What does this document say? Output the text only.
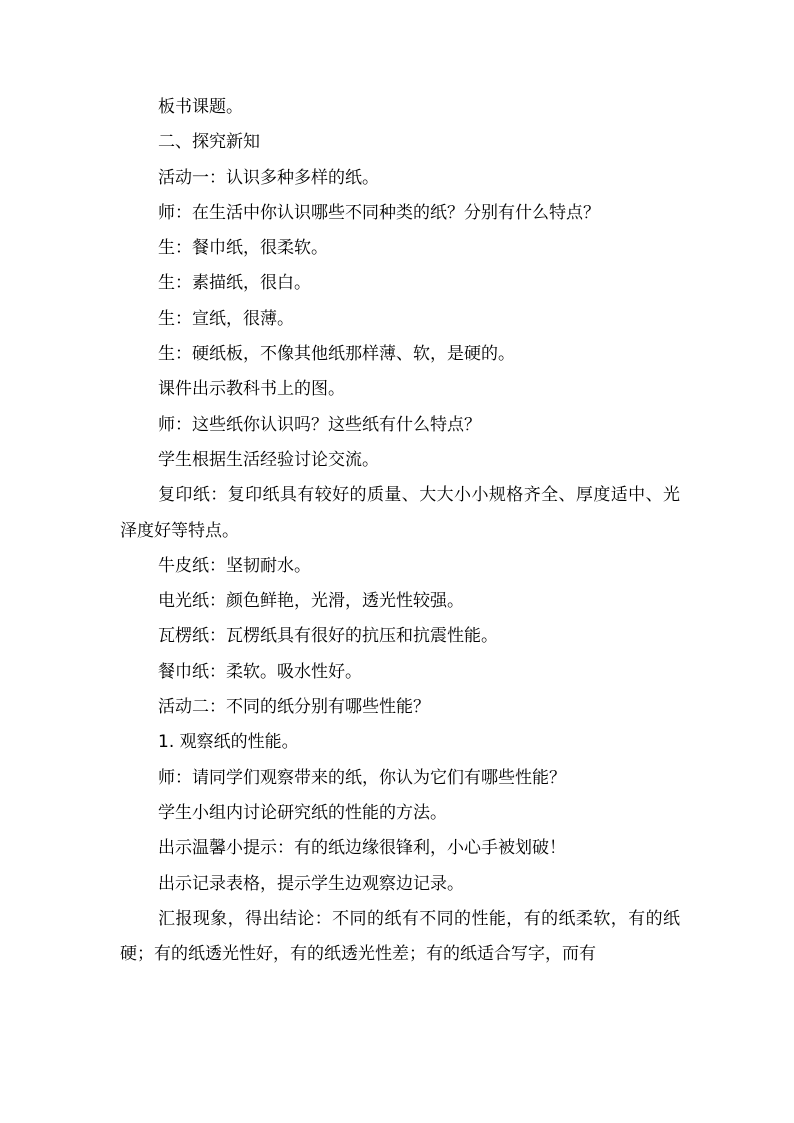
板书课题。

二、探究新知

活动一：认识多种多样的纸。

师：在生活中你认识哪些不同种类的纸？分别有什么特点？

生：餐巾纸，很柔软。

生：素描纸，很白。

生：宣纸，很薄。

生：硬纸板，不像其他纸那样薄、软，是硬的。

课件出示教科书上的图。

师：这些纸你认识吗？这些纸有什么特点？

学生根据生活经验讨论交流。

复印纸：复印纸具有较好的质量、大大小小规格齐全、厚度适中、光泽度好等特点。

牛皮纸：坚韧耐水。

电光纸：颜色鲜艳，光滑，透光性较强。

瓦楞纸：瓦楞纸具有很好的抗压和抗震性能。

餐巾纸：柔软。吸水性好。

活动二：不同的纸分别有哪些性能？

1. 观察纸的性能。

师：请同学们观察带来的纸，你认为它们有哪些性能？

学生小组内讨论研究纸的性能的方法。

出示温馨小提示：有的纸边缘很锋利，小心手被划破！

出示记录表格，提示学生边观察边记录。

汇报现象，得出结论：不同的纸有不同的性能，有的纸柔软，有的纸硬；有的纸透光性好，有的纸透光性差；有的纸适合写字，而有
